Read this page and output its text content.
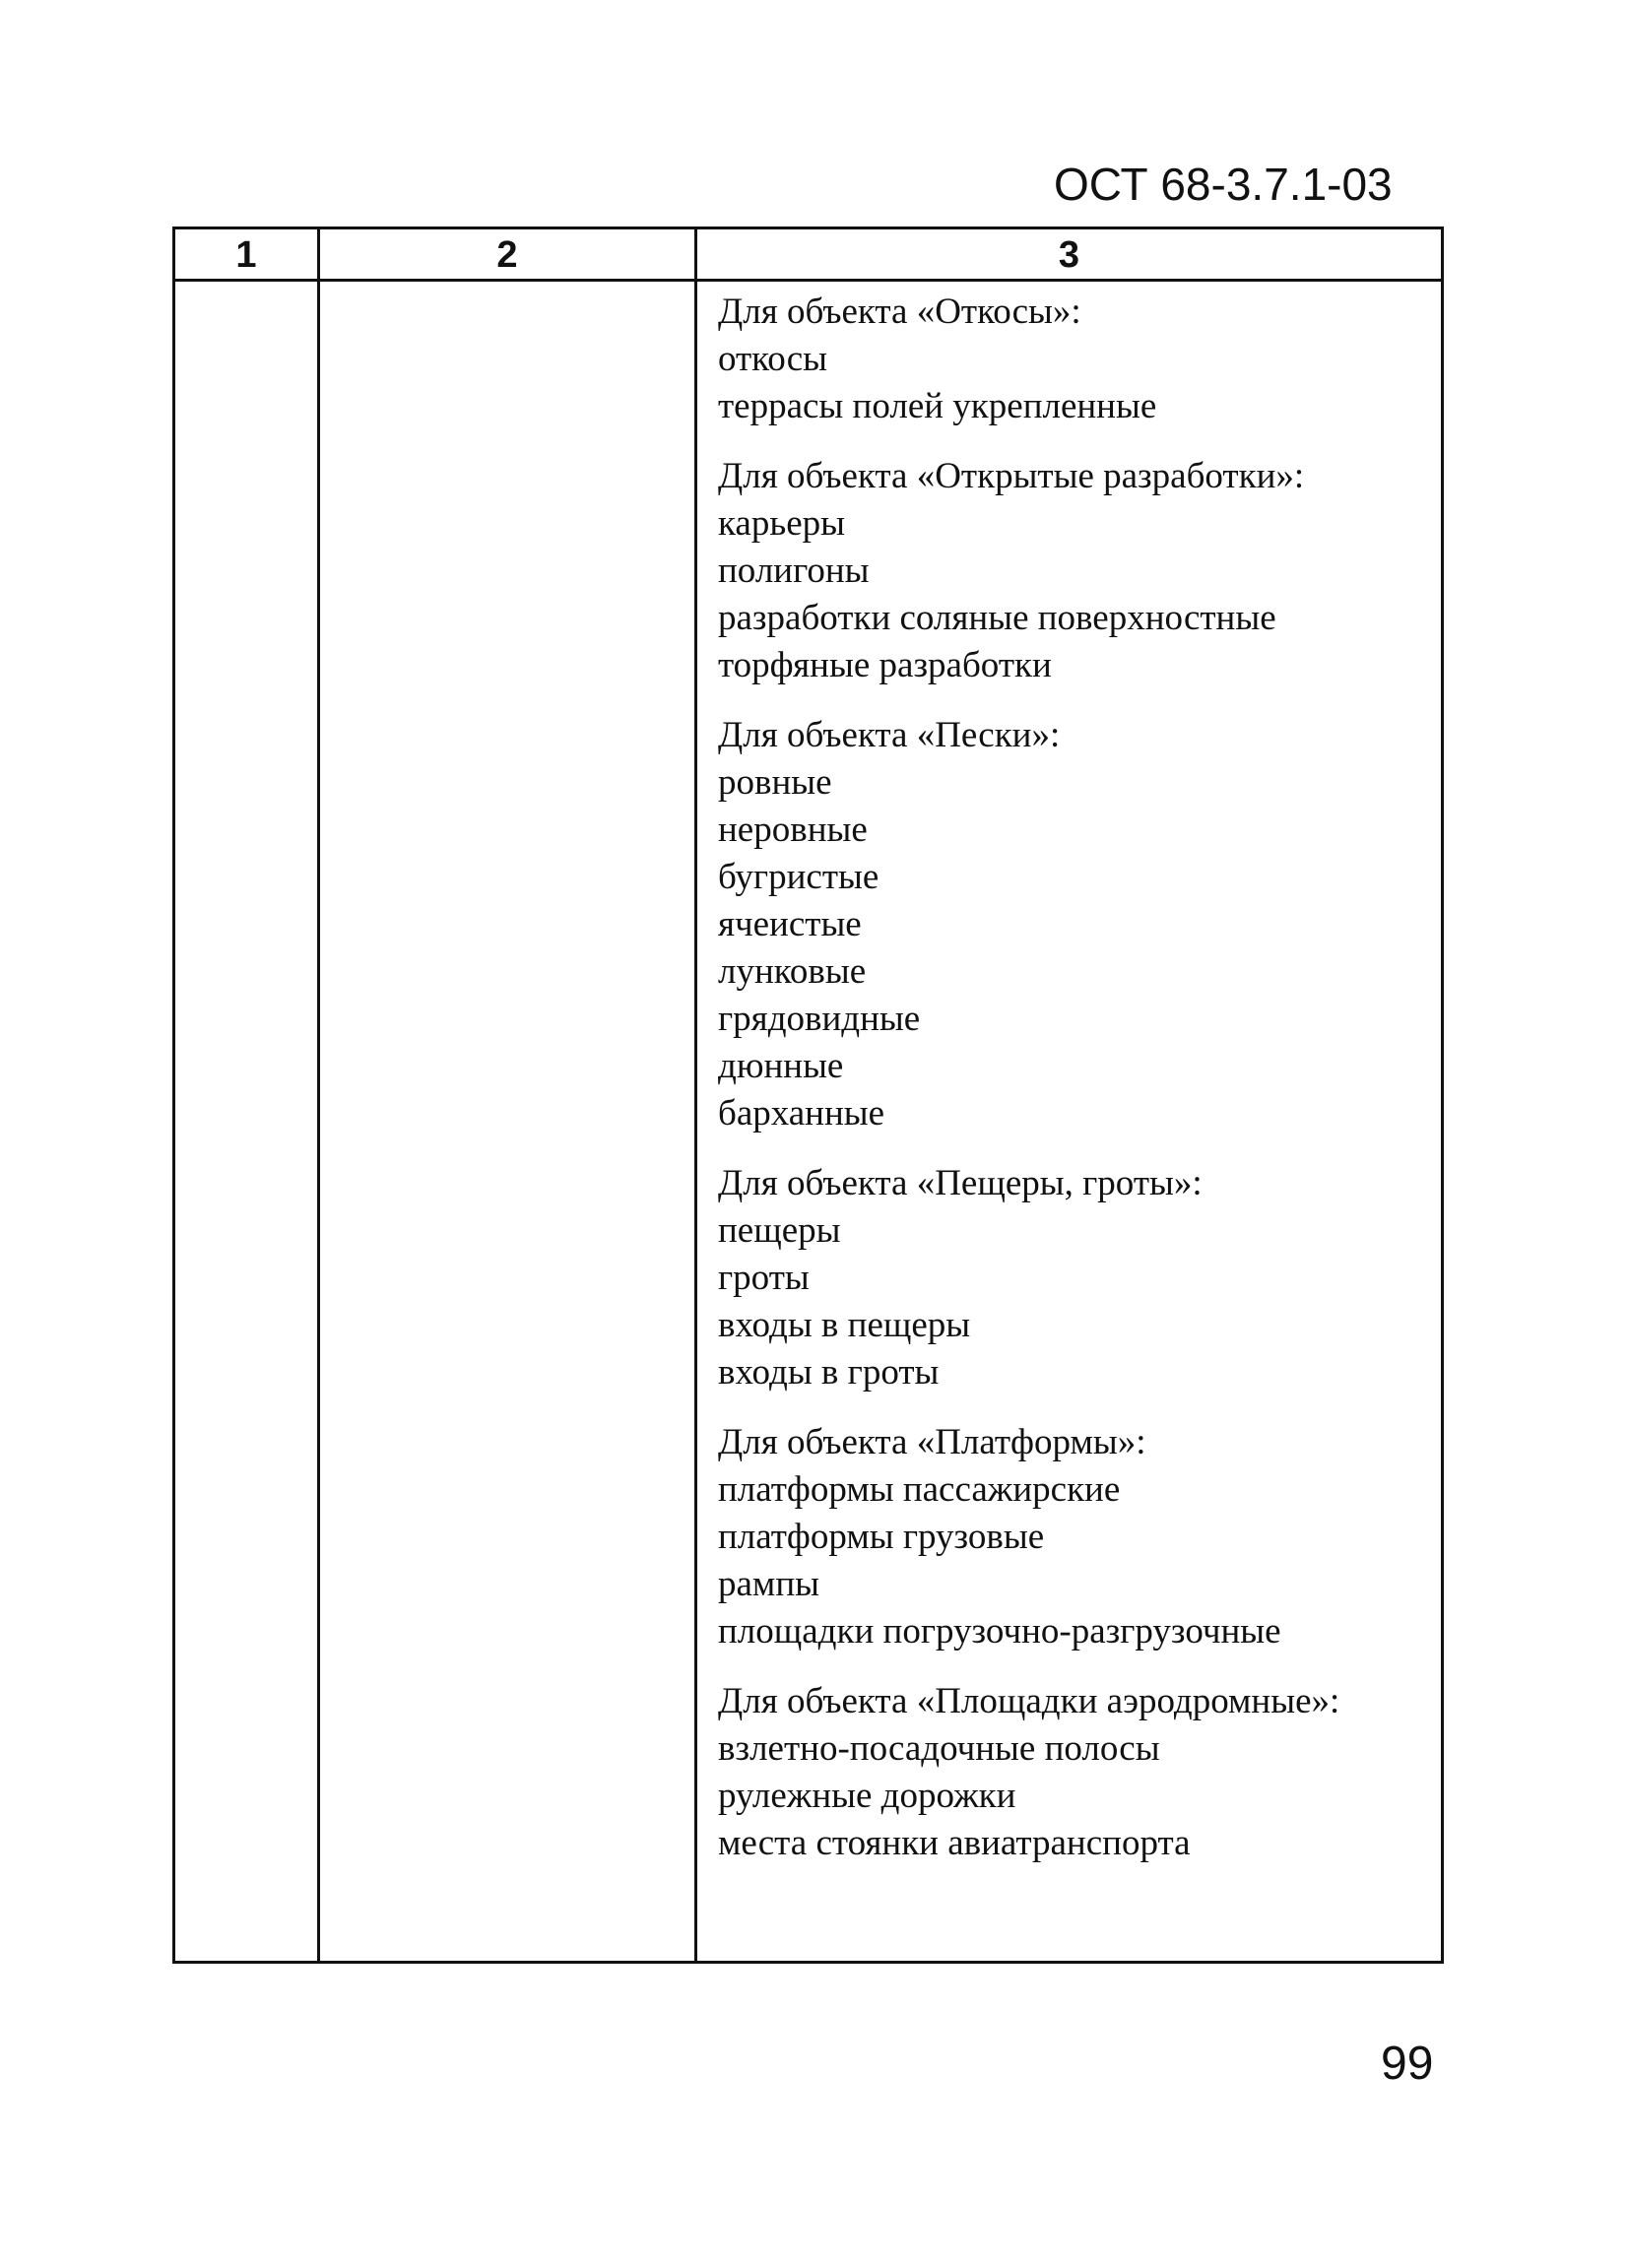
ОСТ 68-3.7.1-03
1	2	3
Для объекта «Откосы»:
откосы
террасы полей укрепленные
Для объекта «Открытые разработки»:
карьеры
полигоны
разработки соляные поверхностные
торфяные разработки
Для объекта «Пески»:
ровные
неровные
бугристые
ячеистые
лунковые
грядовидные
дюнные
барханные
Для объекта «Пещеры, гроты»:
пещеры
гроты
входы в пещеры
входы в гроты
Для объекта «Платформы»:
платформы пассажирские
платформы грузовые
рампы
площадки погрузочно-разгрузочные
Для объекта «Площадки аэродромные»:
взлетно-посадочные полосы
рулежные дорожки
места стоянки авиатранспорта
99
